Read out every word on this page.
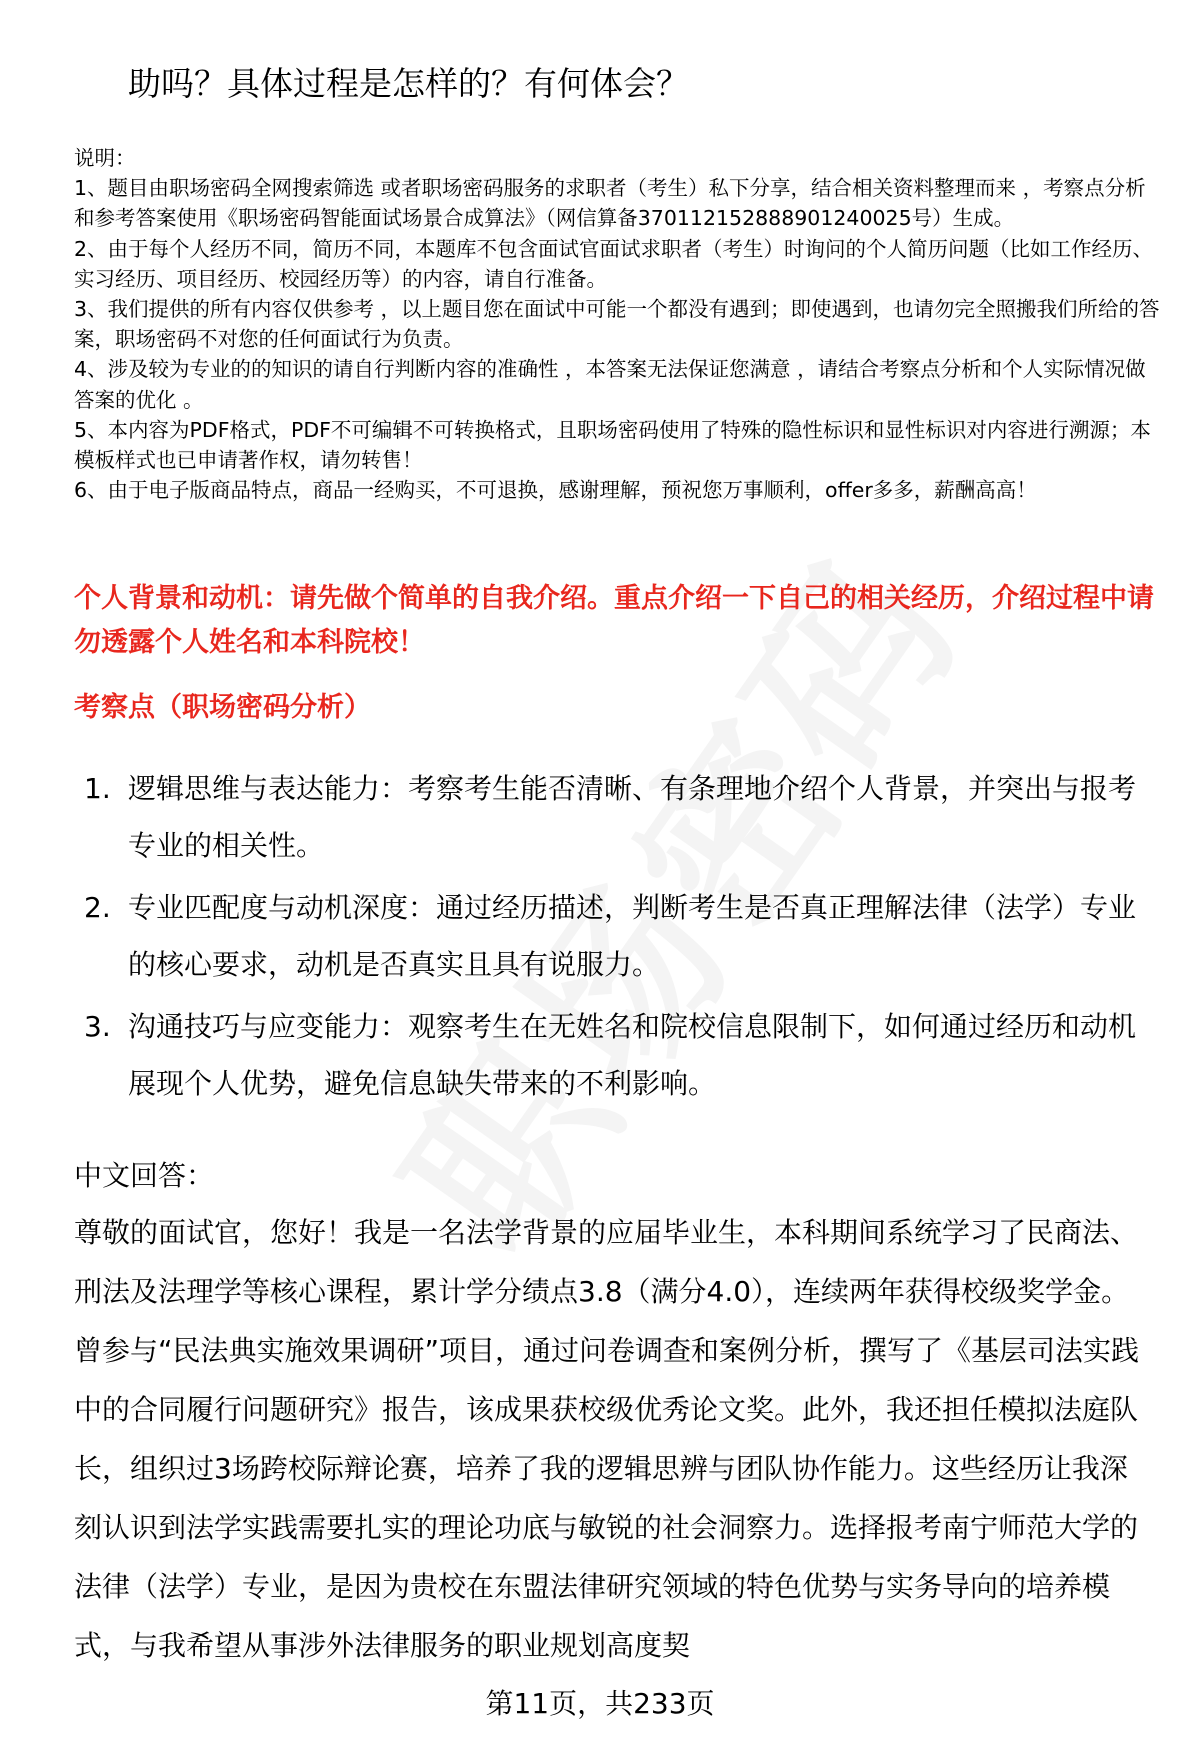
助吗？具体过程是怎样的？有何体会？

说明：

1、题目由职场密码全网搜索筛选 或者职场密码服务的求职者（考生）私下分享，结合相关资料整理而来 ，考察点分析和参考答案使用《职场密码智能面试场景合成算法》（网信算备370112152888901240025号）生成。

2、由于每个人经历不同，简历不同，本题库不包含面试官面试求职者（考生）时询问的个人简历问题（比如工作经历、实习经历、项目经历、校园经历等）的内容，请自行准备。

3、我们提供的所有内容仅供参考 ，以上题目您在面试中可能一个都没有遇到；即使遇到，也请勿完全照搬我们所给的答案，职场密码不对您的任何面试行为负责。

4、涉及较为专业的的知识的请自行判断内容的准确性 ，本答案无法保证您满意 ，请结合考察点分析和个人实际情况做答案的优化 。

5、本内容为PDF格式，PDF不可编辑不可转换格式，且职场密码使用了特殊的隐性标识和显性标识对内容进行溯源；本模板样式也已申请著作权，请勿转售！

6、由于电子版商品特点，商品一经购买，不可退换，感谢理解，预祝您万事顺利，offer多多，薪酬高高！

个人背景和动机：请先做个简单的自我介绍。重点介绍一下自己的相关经历，介绍过程中请勿透露个人姓名和本科院校！
考察点（职场密码分析）
1. 逻辑思维与表达能力：考察考生能否清晰、有条理地介绍个人背景，并突出与报考专业的相关性。
2. 专业匹配度与动机深度：通过经历描述，判断考生是否真正理解法律（法学）专业的核心要求，动机是否真实且具有说服力。
3. 沟通技巧与应变能力：观察考生在无姓名和院校信息限制下，如何通过经历和动机展现个人优势，避免信息缺失带来的不利影响。
中文回答：
尊敬的面试官，您好！我是一名法学背景的应届毕业生，本科期间系统学习了民商法、刑法及法理学等核心课程，累计学分绩点3.8（满分4.0），连续两年获得校级奖学金。曾参与“民法典实施效果调研”项目，通过问卷调查和案例分析，撰写了《基层司法实践中的合同履行问题研究》报告，该成果获校级优秀论文奖。此外，我还担任模拟法庭队长，组织过3场跨校际辩论赛，培养了我的逻辑思辨与团队协作能力。这些经历让我深刻认识到法学实践需要扎实的理论功底与敏锐的社会洞察力。选择报考南宁师范大学的法律（法学）专业，是因为贵校在东盟法律研究领域的特色优势与实务导向的培养模式，与我希望从事涉外法律服务的职业规划高度契
第11页，共233页
